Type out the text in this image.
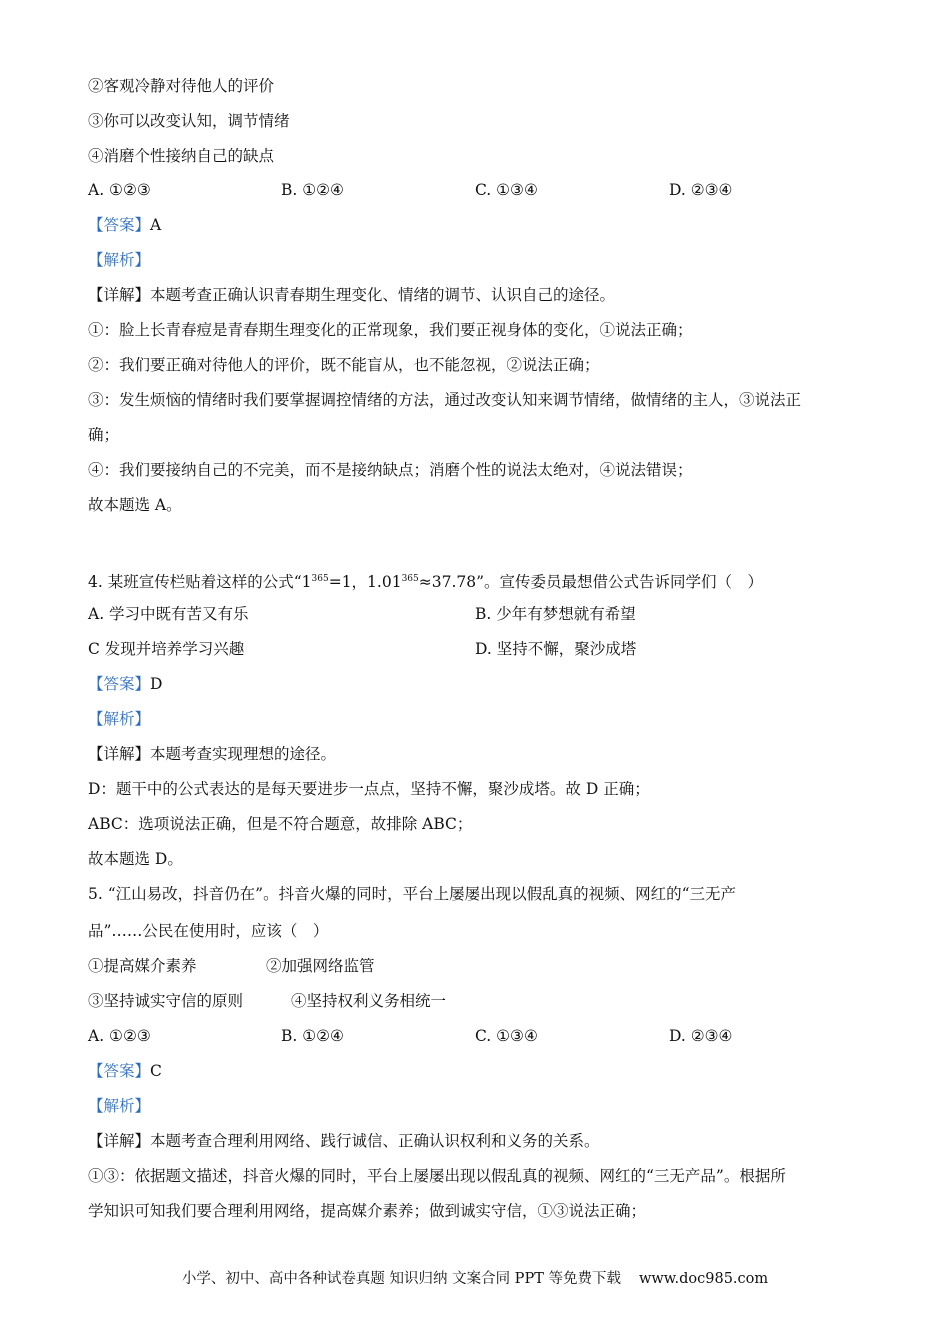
②客观冷静对待他人的评价
③你可以改变认知，调节情绪
④消磨个性接纳自己的缺点
A. ①②③	B. ①②④	C. ①③④	D. ②③④
【答案】A
【解析】
【详解】本题考查正确认识青春期生理变化、情绪的调节、认识自己的途径。
①：脸上长青春痘是青春期生理变化的正常现象，我们要正视身体的变化，①说法正确；
②：我们要正确对待他人的评价，既不能盲从，也不能忽视，②说法正确；
③：发生烦恼的情绪时我们要掌握调控情绪的方法，通过改变认知来调节情绪，做情绪的主人，③说法正
确；
④：我们要接纳自己的不完美，而不是接纳缺点；消磨个性的说法太绝对，④说法错误；
故本题选 A。
4. 某班宣传栏贴着这样的公式“$1^{365}=1$，$1.01^{365}\approx 37.78$”。宣传委员最想借公式告诉同学们（　）
A. 学习中既有苦又有乐	B. 少年有梦想就有希望
C 发现并培养学习兴趣	D. 坚持不懈，聚沙成塔
【答案】D
【解析】
【详解】本题考查实现理想的途径。
D：题干中的公式表达的是每天要进步一点点，坚持不懈，聚沙成塔。故 D 正确；
ABC：选项说法正确，但是不符合题意，故排除 ABC；
故本题选 D。
5. “江山易改，抖音仍在”。抖音火爆的同时，平台上屡屡出现以假乱真的视频、网红的“三无产
品”……公民在使用时，应该（　）
①提高媒介素养	②加强网络监管
③坚持诚实守信的原则	④坚持权利义务相统一
A. ①②③	B. ①②④	C. ①③④	D. ②③④
【答案】C
【解析】
【详解】本题考查合理利用网络、践行诚信、正确认识权利和义务的关系。
①③：依据题文描述，抖音火爆的同时，平台上屡屡出现以假乱真的视频、网红的“三无产品”。根据所
学知识可知我们要合理利用网络，提高媒介素养；做到诚实守信，①③说法正确；
小学、初中、高中各种试卷真题 知识归纳 文案合同 PPT 等免费下载 www.doc985.com
